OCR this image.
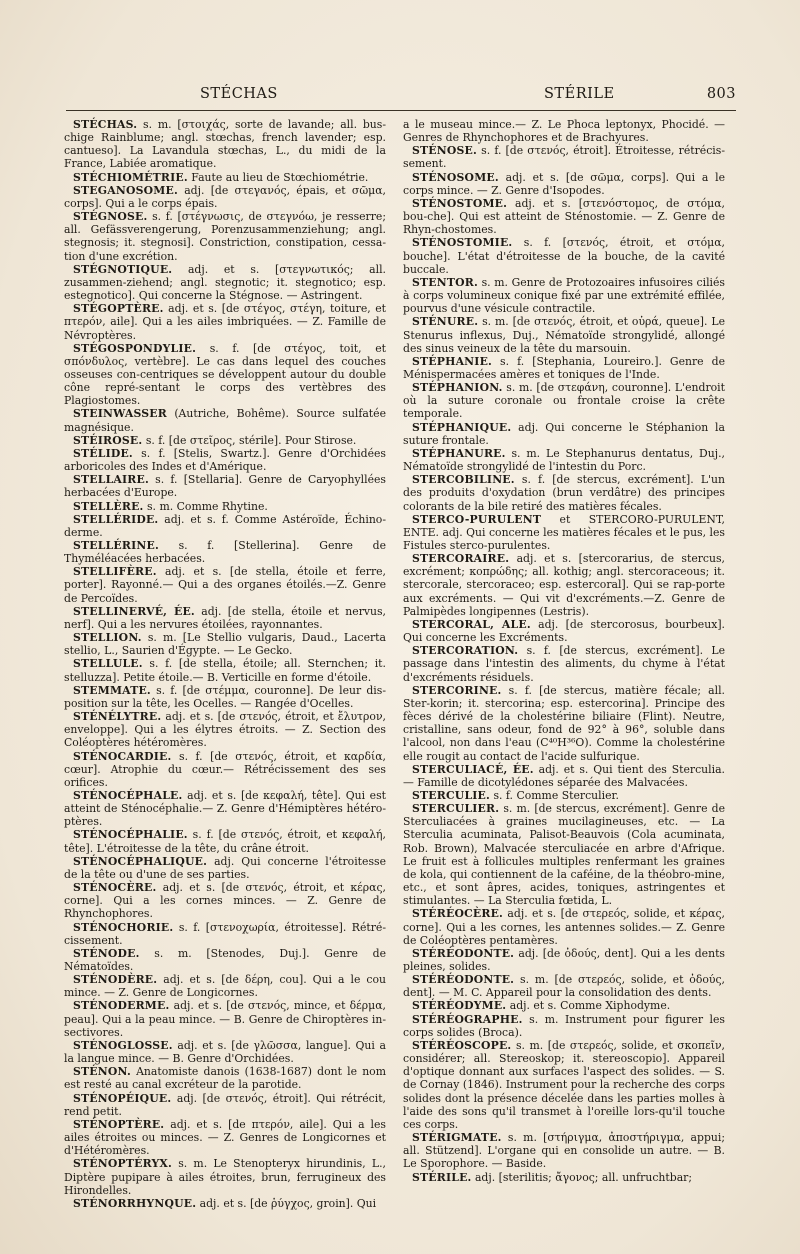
STÉCHAS	STÉRILE	803

STÉCHAS. s. m. [στοιχάς, sorte de lavande; all. bus-chige Rainblume; angl. stœchas, french lavender; esp. cantueso]. La Lavandula stœchas, L., du midi de la France, Labiée aromatique.

STÉCHIOMÉTRIE. Faute au lieu de Stœchiométrie.

STEGANOSOME. adj. [de στεγανός, épais, et σῶμα, corps]. Qui a le corps épais.

STÉGNOSE. s. f. [στέγνωσις, de στεγνόω, je resserre; all. Gefässverengerung, Porenzusammenziehung; angl. stegnosis; it. stegnosi]. Constriction, constipation, cessa-tion d'une excrétion.

STÉGNOTIQUE. adj. et s. [στεγνωτικός; all. zusammen-ziehend; angl. stegnotic; it. stegnotico; esp. estegnotico]. Qui concerne la Stégnose. — Astringent.

STÉGOPTÈRE. adj. et s. [de στέγος, στέγη, toiture, et πτερόν, aile]. Qui a les ailes imbriquées. — Z. Famille de Névroptères.

STÉGOSPONDYLIE. s. f. [de στέγος, toit, et σπόνδυλος, vertèbre]. Le cas dans lequel des couches osseuses con-centriques se développent autour du double cône repré-sentant le corps des vertèbres des Plagiostomes.

STEINWASSER (Autriche, Bohême). Source sulfatée magnésique.

STÉIROSE. s. f. [de στεῖρος, stérile]. Pour Stirose.

STÉLIDE. s. f. [Stelis, Swartz.]. Genre d'Orchidées arboricoles des Indes et d'Amérique.

STELLAIRE. s. f. [Stellaria]. Genre de Caryophyllées herbacées d'Europe.

STELLÈRE. s. m. Comme Rhytine.

STELLÉRIDE. adj. et s. f. Comme Astéroïde, Échino-derme.

STELLÉRINE. s. f. [Stellerina]. Genre de Thyméléacées herbacées.

STELLIFÈRE. adj. et s. [de stella, étoile et ferre, porter]. Rayonné.— Qui a des organes étoilés.—Z. Genre de Percoïdes.

STELLINERVÉ, ÉE. adj. [de stella, étoile et nervus, nerf]. Qui a les nervures étoilées, rayonnantes.

STELLION. s. m. [Le Stellio vulgaris, Daud., Lacerta stellio, L., Saurien d'Égypte. — Le Gecko.

STELLULE. s. f. [de stella, étoile; all. Sternchen; it. stelluzza]. Petite étoile.— B. Verticille en forme d'étoile.

STEMMATE. s. f. [de στέμμα, couronne]. De leur dis-position sur la tête, les Ocelles. — Rangée d'Ocelles.

STÉNÉLYTRE. adj. et s. [de στενός, étroit, et ἔλυτρον, enveloppe]. Qui a les élytres étroits. — Z. Section des Coléoptères hétéromères.

STÉNOCARDIE. s. f. [de στενός, étroit, et καρδία, cœur]. Atrophie du cœur.— Rétrécissement des ses orifices.

STÉNOCÉPHALE. adj. et s. [de κεφαλή, tête]. Qui est atteint de Sténocéphalie.— Z. Genre d'Hémiptères hétéro-ptères.

STÉNOCÉPHALIE. s. f. [de στενός, étroit, et κεφαλή, tête]. L'étroitesse de la tête, du crâne étroit.

STÉNOCÉPHALIQUE. adj. Qui concerne l'étroitesse de la tête ou d'une de ses parties.

STÉNOCÈRE. adj. et s. [de στενός, étroit, et κέρας, corne]. Qui a les cornes minces. — Z. Genre de Rhynchophores.

STÉNOCHORIE. s. f. [στενοχωρία, étroitesse]. Rétré-cissement.

STÉNODE. s. m. [Stenodes, Duj.]. Genre de Nématoïdes.

STÉNODÈRE. adj. et s. [de δέρη, cou]. Qui a le cou mince. — Z. Genre de Longicornes.

STÉNODERME. adj. et s. [de στενός, mince, et δέρμα, peau]. Qui a la peau mince. — B. Genre de Chiroptères in-sectivores.

STÉNOGLOSSE. adj. et s. [de γλῶσσα, langue]. Qui a la langue mince. — B. Genre d'Orchidées.

STÉNON. Anatomiste danois (1638-1687) dont le nom est resté au canal excréteur de la parotide.

STÉNOPÉIQUE. adj. [de στενός, étroit]. Qui rétrécit, rend petit.

STÉNOPTÈRE. adj. et s. [de πτερόν, aile]. Qui a les ailes étroites ou minces. — Z. Genres de Longicornes et d'Hétéromères.

STÉNOPTÉRYX. s. m. Le Stenopteryx hirundinis, L., Diptère pupipare à ailes étroites, brun, ferrugineux des Hirondelles.

STÉNORRHYNQUE. adj. et s. [de ῥύγχος, groin]. Qui

a le museau mince.— Z. Le Phoca leptonyx, Phocidé. — Genres de Rhynchophores et de Brachyures.

STÉNOSE. s. f. [de στενός, étroit]. Étroitesse, rétrécis-sement.

STÉNOSOME. adj. et s. [de σῶμα, corps]. Qui a le corps mince. — Z. Genre d'Isopodes.

STÉNOSTOME. adj. et s. [στενόστομος, de στόμα, bou-che]. Qui est atteint de Sténostomie. — Z. Genre de Rhyn-chostomes.

STÉNOSTOMIE. s. f. [στενός, étroit, et στόμα, bouche]. L'état d'étroitesse de la bouche, de la cavité buccale.

STENTOR. s. m. Genre de Protozoaires infusoires ciliés à corps volumineux conique fixé par une extrémité effilée, pourvus d'une vésicule contractile.

STÉNURE. s. m. [de στενός, étroit, et οὐρά, queue]. Le Stenurus inflexus, Duj., Nématoïde strongylidé, allongé des sinus veineux de la tête du marsouin.

STÉPHANIE. s. f. [Stephania, Loureiro.]. Genre de Ménispermacées amères et toniques de l'Inde.

STÉPHANION. s. m. [de στεφάνη, couronne]. L'endroit où la suture coronale ou frontale croise la crête temporale.

STÉPHANIQUE. adj. Qui concerne le Stéphanion la suture frontale.

STÉPHANURE. s. m. Le Stephanurus dentatus, Duj., Nématoïde strongylidé de l'intestin du Porc.

STERCOBILINE. s. f. [de stercus, excrément]. L'un des produits d'oxydation (brun verdâtre) des principes colorants de la bile retiré des matières fécales.

STERCO-PURULENT et STERCORO-PURULENT, ENTE. adj. Qui concerne les matières fécales et le pus, les Fistules sterco-purulentes.

STERCORAIRE. adj. et s. [stercorarius, de stercus, excrément; κοπρώδης; all. kothig; angl. stercoraceous; it. stercorale, stercoraceo; esp. estercoral]. Qui se rap-porte aux excréments. — Qui vit d'excréments.—Z. Genre de Palmipèdes longipennes (Lestris).

STERCORAL, ALE. adj. [de stercorosus, bourbeux]. Qui concerne les Excréments.

STERCORATION. s. f. [de stercus, excrément]. Le passage dans l'intestin des aliments, du chyme à l'état d'excréments résiduels.

STERCORINE. s. f. [de stercus, matière fécale; all. Ster-korin; it. stercorina; esp. estercorina]. Principe des fèces dérivé de la cholestérine biliaire (Flint). Neutre, cristalline, sans odeur, fond de 92° à 96°, soluble dans l'alcool, non dans l'eau (C⁴⁰H³⁶O). Comme la cholestérine elle rougit au contact de l'acide sulfurique.

STERCULIACÉ, ÉE. adj. et s. Qui tient des Sterculia. — Famille de dicotylédones séparée des Malvacées.

STERCULIE. s. f. Comme Sterculier.

STERCULIER. s. m. [de stercus, excrément]. Genre de Sterculiacées à graines mucilagineuses, etc. — La Sterculia acuminata, Palisot-Beauvois (Cola acuminata, Rob. Brown), Malvacée sterculiacée en arbre d'Afrique. Le fruit est à follicules multiples renfermant les graines de kola, qui contiennent de la caféine, de la théobro-mine, etc., et sont âpres, acides, toniques, astringentes et stimulantes. — La Sterculia fœtida, L.

STÉRÉOCÈRE. adj. et s. [de στερεός, solide, et κέρας, corne]. Qui a les cornes, les antennes solides.— Z. Genre de Coléoptères pentamères.

STÉRÉODONTE. adj. [de ὀδούς, dent]. Qui a les dents pleines, solides.

STÉRÉODONTE. s. m. [de στερεός, solide, et ὀδούς, dent]. — M. C. Appareil pour la consolidation des dents.

STÉRÉODYME. adj. et s. Comme Xiphodyme.

STÉRÉOGRAPHE. s. m. Instrument pour figurer les corps solides (Broca).

STÉRÉOSCOPE. s. m. [de στερεός, solide, et σκοπεῖν, considérer; all. Stereoskop; it. stereoscopio]. Appareil d'optique donnant aux surfaces l'aspect des solides. — S. de Cornay (1846). Instrument pour la recherche des corps solides dont la présence décelée dans les parties molles à l'aide des sons qu'il transmet à l'oreille lors-qu'il touche ces corps.

STÉRIGMATE. s. m. [στήριγμα, ἀποστήριγμα, appui; all. Stützend]. L'organe qui en consolide un autre. — B. Le Sporophore. — Baside.

STÉRILE. adj. [sterilitis; ἄγονος; all. unfruchtbar;
